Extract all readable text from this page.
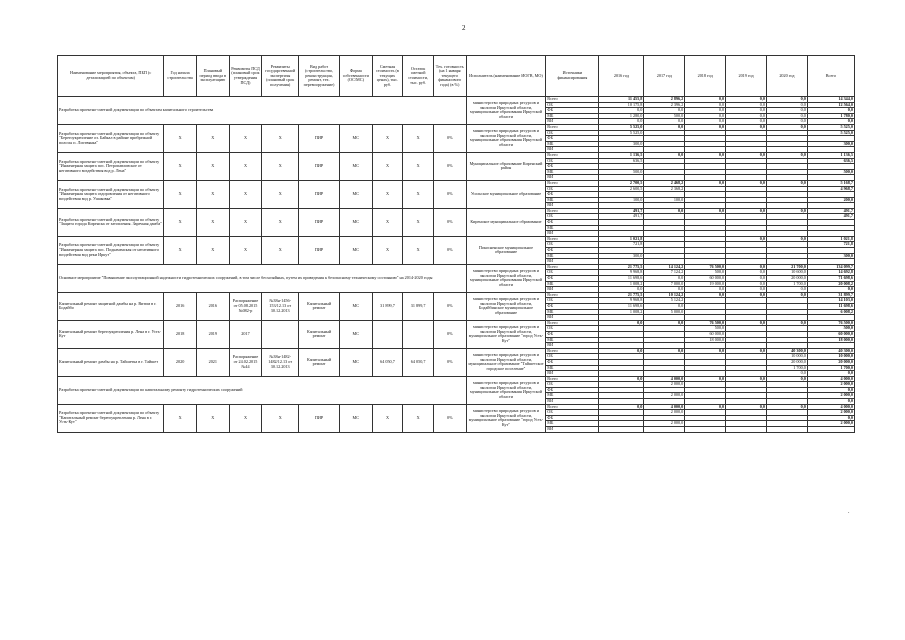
2
Наименование мероприятия, объекта, ПБП (с детализацией по объектам)	Год начала строительства	Плановый период ввода в эксплуатацию	Реквизиты ПСД (плановый срок утверждения ПСД)	Реквизиты государственной экспертизы (плановый срок получения)	Вид работ (строительство, реконструкция, ремонт, тех. перевооружение)	Форма собственности (ОС/МС)	Сметная стоимость (в текущих ценах), тыс. руб.	Остаток сметной стоимости, тыс. руб.	Тех. готовность (на 1 января текущего финансового года) (в %)	Исполнитель (наименование ИОГВ, МО)	Источники финансирования	2016 год	2017 год	2018 год	2019 год	2020 год	Всего
Разработка проектно-сметной документации по объектам капитального строительства										министерство природных ресурсов и экологии Иркутской области, муниципальные образования Иркутской области	Всего	11 455,8	2 896,2	0,0	0,0	0,0	14 344,0
											ОБ	10 175,8	2 396,2	0,0	0,0	0,0	12 564,0
											ФБ	0,0	0,0	0,0	0,0	0,0	0,0
											МБ	1 280,0	500,0	0,0	0,0	0,0	1 780,0
											ВИ	0,0	0,0	0,0	0,0	0,0	0,0
Разработка проектно-сметной документации по объекту "Берегоукрепление оз. Байкал в районе прибрежной полосы п. Листвянка"	X	X	X	X	ПИР	МС	X	X	0%	министерство природных ресурсов и экологии Иркутской области, муниципальные образования Иркутской области	Всего	5 525,0	0,0	0,0	0,0	0,0	5 525,0
											ОБ	5 525,0					5 525,0
											ФБ						
											МБ	300,0					300,0
											ВИ						
Разработка проектно-сметной документации по объекту "Инженерная защита пос. Петропавловское от негативного воздействия вод р. Лена"	X	X	X	X	ПИР	МС	X	X	0%	Муниципальное образование Киренский район	Всего	1 136,5	0,0	0,0	0,0	0,0	1 136,5
											ОБ	636,5					636,5
											ФБ						
											МБ	500,0					500,0
											ВИ						
Разработка проектно-сметной документации по объекту "Инженерная защита оздоровления от негативного воздействия вод р. Ушаковка"	X	X	X	X	ПИР	МС	X	X	0%	Усольское муниципальное образование	Всего	2 700,5	2 468,2	0,0	0,0	0,0	5 168,7
											ОБ	2 600,5	2 368,2				4 968,7
											ФБ						
											МБ	100,0	100,0				200,0
											ВИ						
Разработка проектно-сметной документации по объекту "Защита города Киренска от затопления. Заречная дамба"	X	X	X	X	ПИР	МС	X	X	0%	Киренское муниципальное образование	Всего	491,7	0,0	0,0	0,0	0,0	491,7
											ОБ	491,7					491,7
											ФБ						
											МБ						
											ВИ						
Разработка проектно-сметной документации по объекту "Инженерная защита пос. Подкаменская от негативного воздействия вод реки Иркут"	X	X	X	X	ПИР	МС	X	X	0%	Покосненское муниципальное образование	Всего	1 021,8			0,0	0,0	1 021,8
											ОБ	721,8					721,8
											ФБ						
											МБ	300,0					300,0
											ВИ						
Основное мероприятие "Повышение эксплуатационной надежности гидротехнических сооружений, в том числе бесхозяйных, путем их приведения к безопасному техническому состоянию" на 2014-2020 годы										министерство природных ресурсов и экологии Иркутской области, муниципальные образования Иркутской области	Всего	21 775,5	14 124,2	76 500,0	0,0	21 700,0	134 099,7
											ОБ	9 968,8	7 124,2	500,0	0,0	10 600,0	14 692,8
											ФБ	11 698,6	0,0	60 000,0	0,0	20 000,0	71 698,6
											МБ	1 008,2	7 000,0	19 000,0	0,0	1 700,0	20 008,2
											ВИ	0,0	0,0	0,0	0,0	0,0	0,0
Капитальный ремонт защитной дамбы на р. Витим в г. Бодайбо	2016	2016	Распоряжение от 05.08.2015 №082-р	№38н-1456-153/12.13 от 30.12.2013	Капитальный ремонт	МС	31 899,7	31 899,7	0%	министерство природных ресурсов и экологии Иркутской области, Бодайбинское муниципальное образование	Всего	21 775,5	10 124,2	0,0	0,0	0,0	31 899,7
											ОБ	9 968,8	5 124,2				14 103,0
											ФБ	11 698,6	0,0				11 698,6
											МБ	1 008,2	5 000,0				6 008,2
											ВИ						
Капитальный ремонт берегоукрепления р. Лена в г. Усть-Кут	2018	2019	2017		Капитальный ремонт	МС			0%	министерство природных ресурсов и экологии Иркутской области, муниципальное образование "город Усть-Кут"	Всего	0,0	0,0	76 500,0	0,0	0,0	76 500,0
											ОБ			500,0			500,0
											ФБ			60 000,0			60 000,0
											МБ			18 000,0			18 000,0
											ВИ						
Капитальный ремонт дамбы на р. Тайшетка в г. Тайшет	2020	2021	Распоряжение от 24.02.2015 №44	№38н-1482-1482/12.13 от 30.12.2013	Капитальный ремонт	МС	64 050,7	64 050,7	0%	министерство природных ресурсов и экологии Иркутской области, муниципальное образование "Тайшетское городское поселение"	Всего	0,0	0,0	0,0	0,0	40 300,0	40 300,0
											ОБ					10 000,0	10 000,0
											ФБ					20 000,0	20 000,0
											МБ					1 700,0	1 700,0
											ВИ					0,0	0,0
Разработка проектно-сметной документации по капитальному ремонту гидротехнических сооружений										министерство природных ресурсов и экологии Иркутской области, муниципальные образования Иркутской области	Всего	0,0	4 000,0	0,0	0,0	0,0	4 000,0
											ОБ		2 000,0				2 000,0
											ФБ						0,0
											МБ		2 000,0				2 000,0
											ВИ						0,0
Разработка проектно-сметной документации по объекту "Капитальный ремонт берегоукрепления р. Лена в г. Усть-Кут"	X	X	X	X	ПИР	МС	X	X	0%	министерство природных ресурсов и экологии Иркутской области, муниципальное образование "город Усть-Кут"	Всего	0,0	4 000,0	0,0	0,0	0,0	4 000,0
											ОБ		2 000,0				2 000,0
											ФБ						0,0
											МБ		2 000,0				2 000,0
											ВИ						
.
